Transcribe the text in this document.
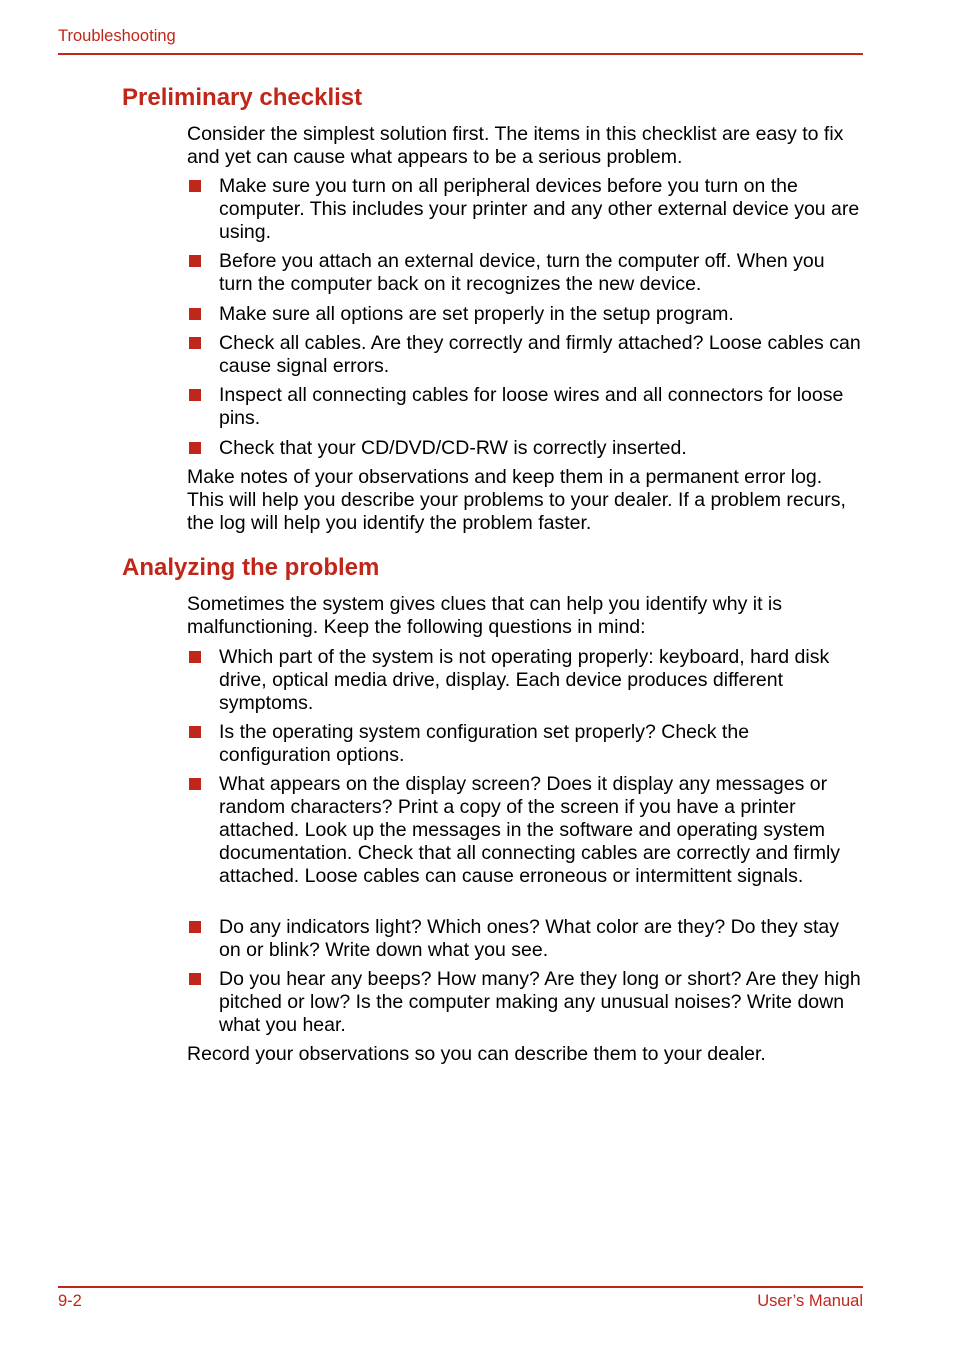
Troubleshooting
Preliminary checklist

Consider the simplest solution first. The items in this checklist are easy to fix and yet can cause what appears to be a serious problem.

Make sure you turn on all peripheral devices before you turn on the computer. This includes your printer and any other external device you are using.
Before you attach an external device, turn the computer off. When you turn the computer back on it recognizes the new device.
Make sure all options are set properly in the setup program.
Check all cables. Are they correctly and firmly attached? Loose cables can cause signal errors.
Inspect all connecting cables for loose wires and all connectors for loose pins.
Check that your CD/DVD/CD-RW is correctly inserted.

Make notes of your observations and keep them in a permanent error log. This will help you describe your problems to your dealer. If a problem recurs, the log will help you identify the problem faster.

Analyzing the problem

Sometimes the system gives clues that can help you identify why it is malfunctioning. Keep the following questions in mind:

Which part of the system is not operating properly: keyboard, hard disk drive, optical media drive, display. Each device produces different symptoms.
Is the operating system configuration set properly? Check the configuration options.
What appears on the display screen? Does it display any messages or random characters? Print a copy of the screen if you have a printer attached. Look up the messages in the software and operating system documentation. Check that all connecting cables are correctly and firmly attached. Loose cables can cause erroneous or intermittent signals.
Do any indicators light? Which ones? What color are they? Do they stay on or blink? Write down what you see.
Do you hear any beeps? How many? Are they long or short? Are they high pitched or low? Is the computer making any unusual noises? Write down what you hear.

Record your observations so you can describe them to your dealer.

9-2	User’s Manual
